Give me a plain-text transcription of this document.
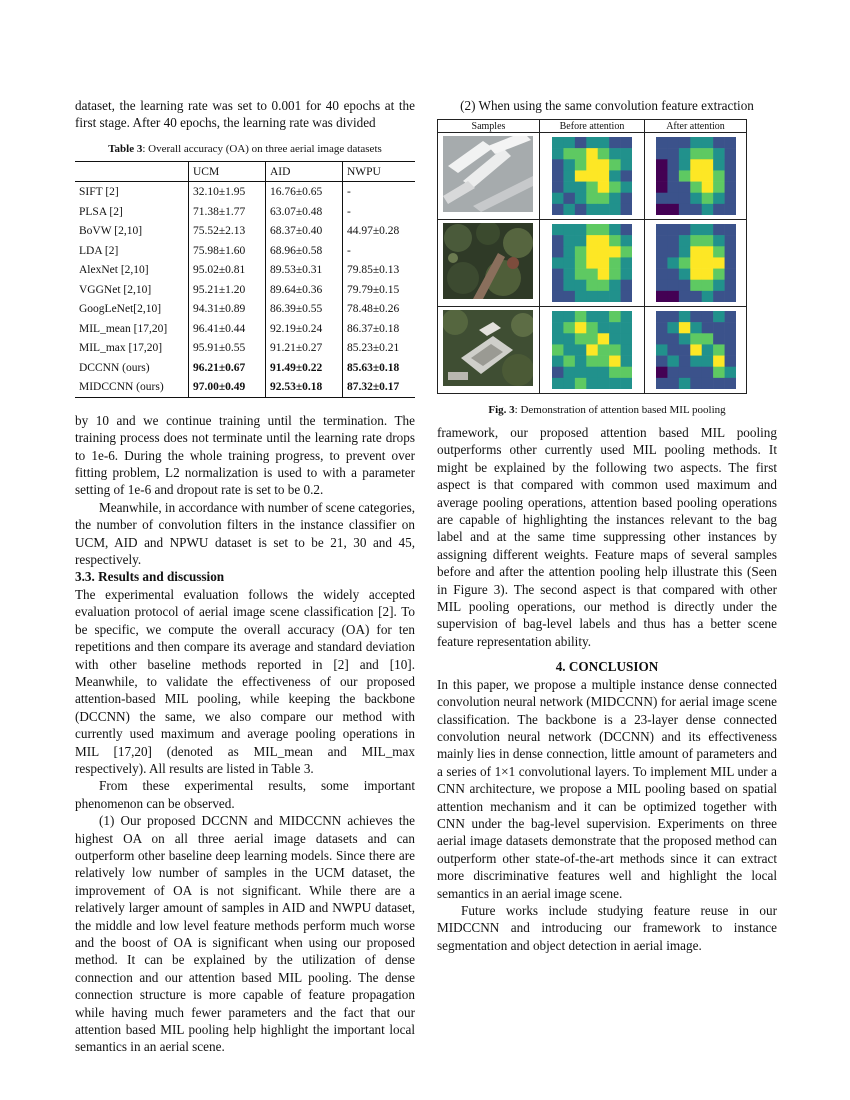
dataset, the learning rate was set to 0.001 for 40 epochs at the first stage. After 40 epochs, the learning rate was divided

Table 3: Overall accuracy (OA) on three aerial image datasets
	UCM	AID	NWPU
SIFT [2]	32.10±1.95	16.76±0.65	-
PLSA [2]	71.38±1.77	63.07±0.48	-
BoVW [2,10]	75.52±2.13	68.37±0.40	44.97±0.28
LDA [2]	75.98±1.60	68.96±0.58	-
AlexNet [2,10]	95.02±0.81	89.53±0.31	79.85±0.13
VGGNet [2,10]	95.21±1.20	89.64±0.36	79.79±0.15
GoogLeNet[2,10]	94.31±0.89	86.39±0.55	78.48±0.26
MIL_mean [17,20]	96.41±0.44	92.19±0.24	86.37±0.18
MIL_max [17,20]	95.91±0.55	91.21±0.27	85.23±0.21
DCCNN (ours)	96.21±0.67	91.49±0.22	85.63±0.18
MIDCCNN (ours)	97.00±0.49	92.53±0.18	87.32±0.17

by 10 and we continue training until the termination. The training process does not terminate until the learning rate drops to 1e-6. During the whole training progress, to prevent over fitting problem, L2 normalization is used to with a parameter setting of 1e-6 and dropout rate is set to be 0.2.

Meanwhile, in accordance with number of scene categories, the number of convolution filters in the instance classifier on UCM, AID and NPWU dataset is set to be 21, 30 and 45, respectively.

3.3. Results and discussion

The experimental evaluation follows the widely accepted evaluation protocol of aerial image scene classification [2]. To be specific, we compute the overall accuracy (OA) for ten repetitions and then compare its average and standard deviation with other baseline methods reported in [2] and [10]. Meanwhile, to validate the effectiveness of our proposed attention-based MIL pooling, while keeping the backbone (DCCNN) the same, we also compare our method with currently used maximum and average pooling operations in MIL [17,20] (denoted as MIL_mean and MIL_max respectively). All results are listed in Table 3.

From these experimental results, some important phenomenon can be observed.

(1) Our proposed DCCNN and MIDCCNN achieves the highest OA on all three aerial image datasets and can outperform other baseline deep learning models. Since there are relatively low number of samples in the UCM dataset, the improvement of OA is not significant. While there are a relatively larger amount of samples in AID and NWPU dataset, the middle and low level feature methods perform much worse and the boost of OA is significant when using our proposed method. It can be explained by the utilization of dense connection and our attention based MIL pooling. The dense connection structure is more capable of feature propagation while having much fewer parameters and the fact that our attention based MIL pooling help highlight the important local semantics in an aerial scene.

(2) When using the same convolution feature extraction
Samples	Before attention	After attention

Fig. 3: Demonstration of attention based MIL pooling

framework, our proposed attention based MIL pooling outperforms other currently used MIL pooling methods. It might be explained by the following two aspects. The first aspect is that compared with common used maximum and average pooling operations, attention based pooling operations are capable of highlighting the instances relevant to the bag label and at the same time suppressing other instances by assigning different weights. Feature maps of several samples before and after the attention pooling help illustrate this (Seen in Figure 3). The second aspect is that compared with other MIL pooling operations, our method is directly under the supervision of bag-level labels and thus has a better scene feature representation ability.

4. CONCLUSION

In this paper, we propose a multiple instance dense connected convolution neural network (MIDCCNN) for aerial image scene classification. The backbone is a 23-layer dense connected convolution neural network (DCCNN) and its effectiveness mainly lies in dense connection, little amount of parameters and a series of 1×1 convolutional layers. To implement MIL under a CNN architecture, we propose a MIL pooling based on spatial attention mechanism and it can be optimized together with CNN under the bag-level supervision. Experiments on three aerial image datasets demonstrate that the proposed method can outperform other state-of-the-art methods since it can extract more discriminative features well and highlight the local semantics in an aerial image scene.

Future works include studying feature reuse in our MIDCCNN and introducing our framework to instance segmentation and object detection in aerial image.
